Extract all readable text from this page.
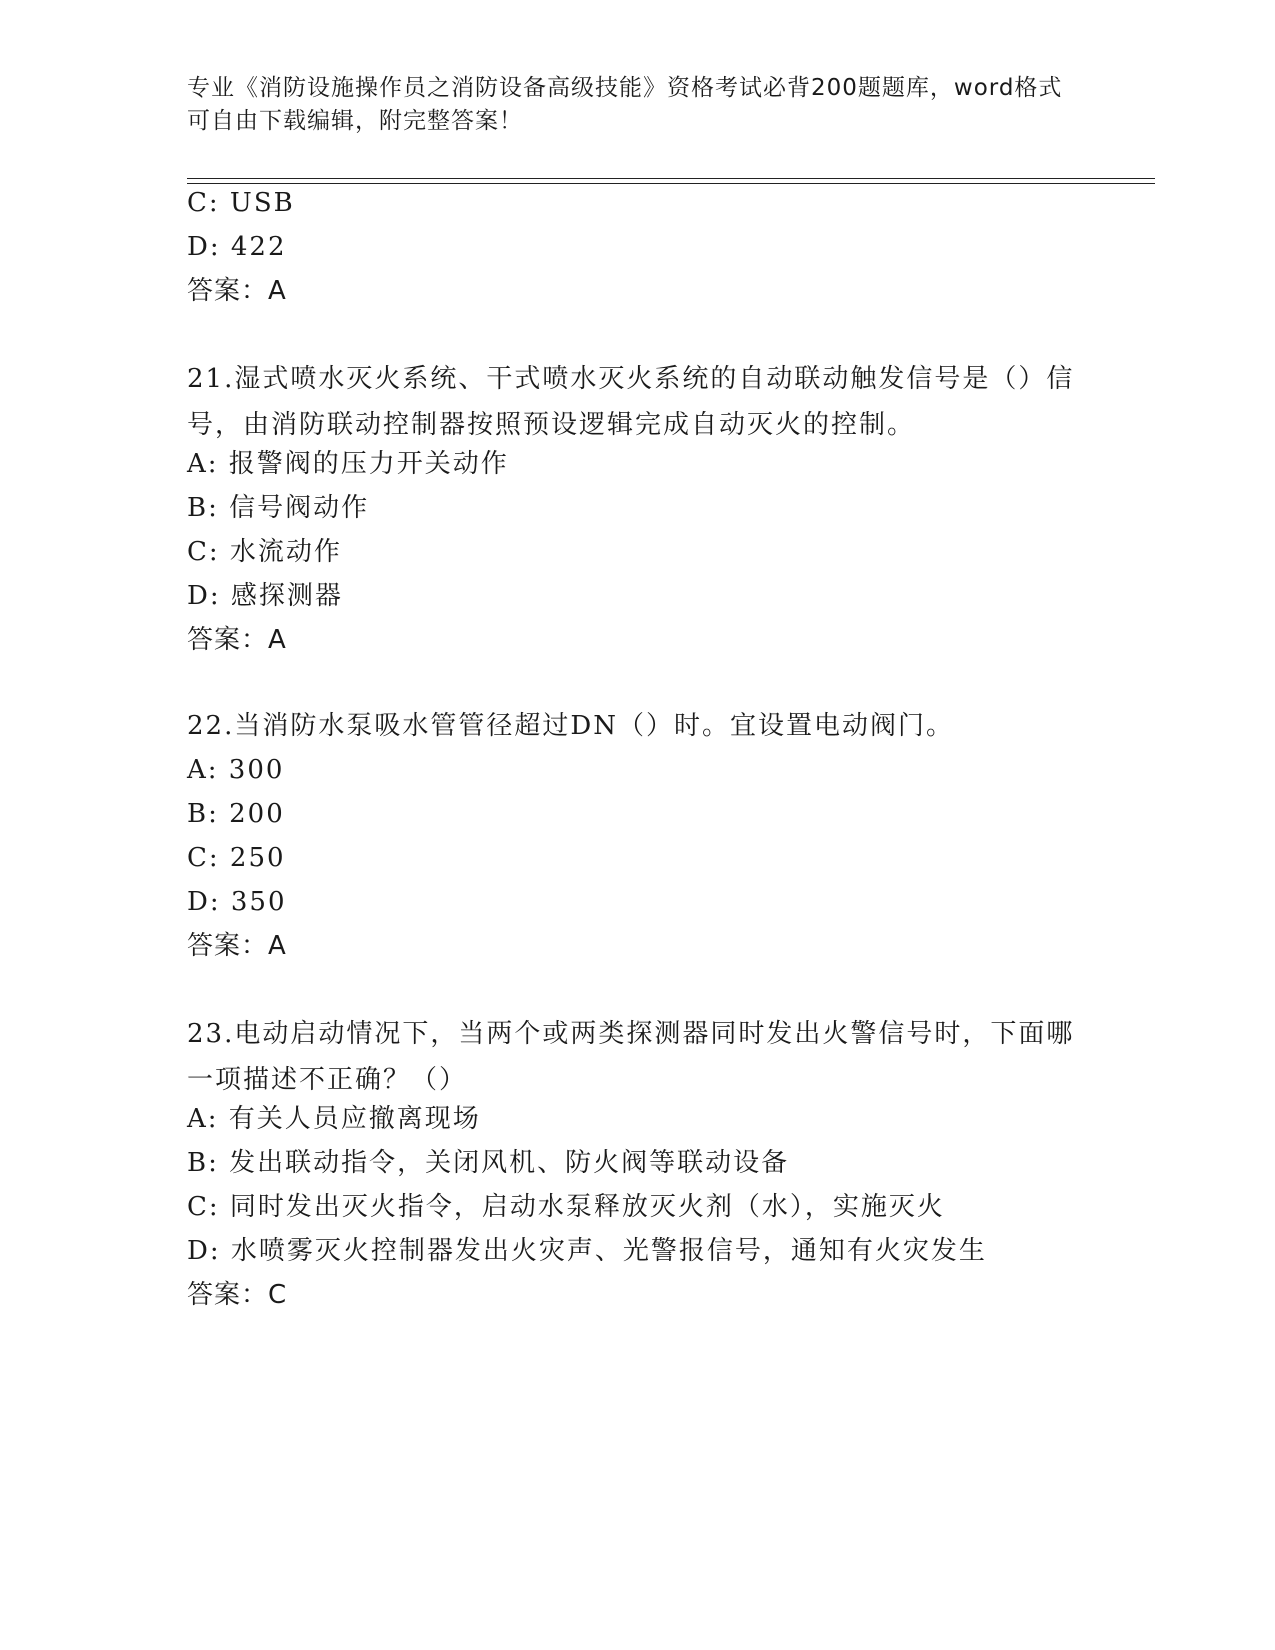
专业《消防设施操作员之消防设备高级技能》资格考试必背200题题库，word格式可自由下载编辑，附完整答案！
C: USB
D: 422
答案：A
21.湿式喷水灭火系统、干式喷水灭火系统的自动联动触发信号是（）信号，由消防联动控制器按照预设逻辑完成自动灭火的控制。
A: 报警阀的压力开关动作
B: 信号阀动作
C: 水流动作
D: 感探测器
答案：A
22.当消防水泵吸水管管径超过DN（）时。宜设置电动阀门。
A: 300
B: 200
C: 250
D: 350
答案：A
23.电动启动情况下，当两个或两类探测器同时发出火警信号时，下面哪一项描述不正确？（）
A: 有关人员应撤离现场
B: 发出联动指令，关闭风机、防火阀等联动设备
C: 同时发出灭火指令，启动水泵释放灭火剂（水），实施灭火
D: 水喷雾灭火控制器发出火灾声、光警报信号，通知有火灾发生
答案：C
